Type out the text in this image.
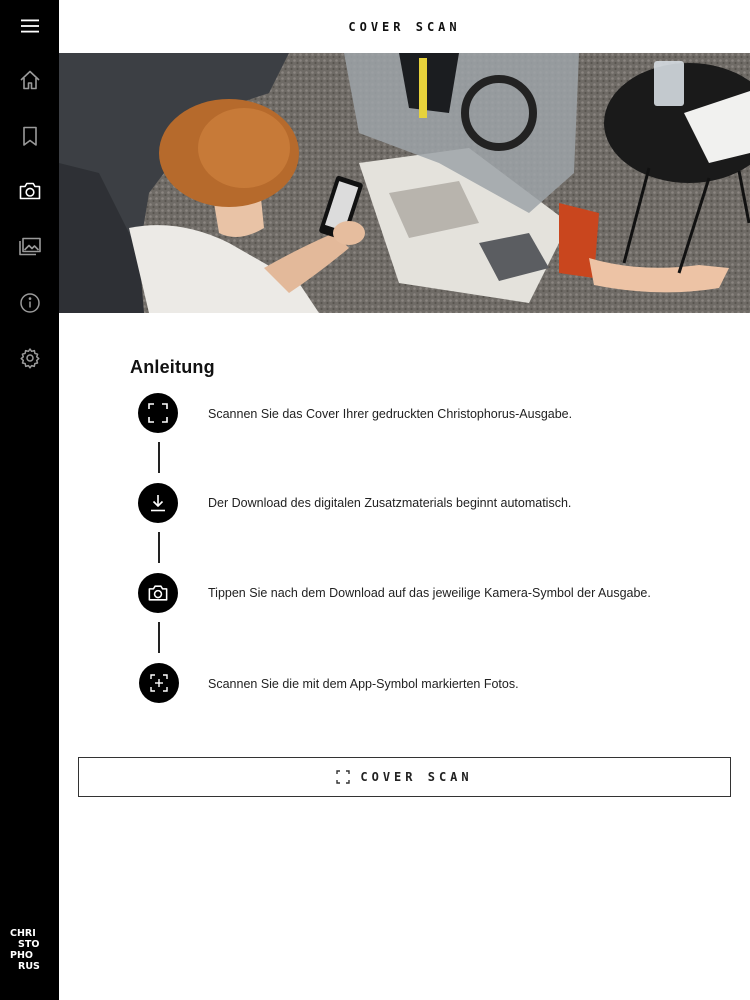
CHRI
STO
PHO
RUS
COVER SCAN
Anleitung
Scannen Sie das Cover Ihrer gedruckten Christophorus-Ausgabe.
Der Download des digitalen Zusatzmaterials beginnt automatisch.
Tippen Sie nach dem Download auf das jeweilige Kamera-Symbol der Ausgabe.
Scannen Sie die mit dem App-Symbol markierten Fotos.
COVER SCAN
